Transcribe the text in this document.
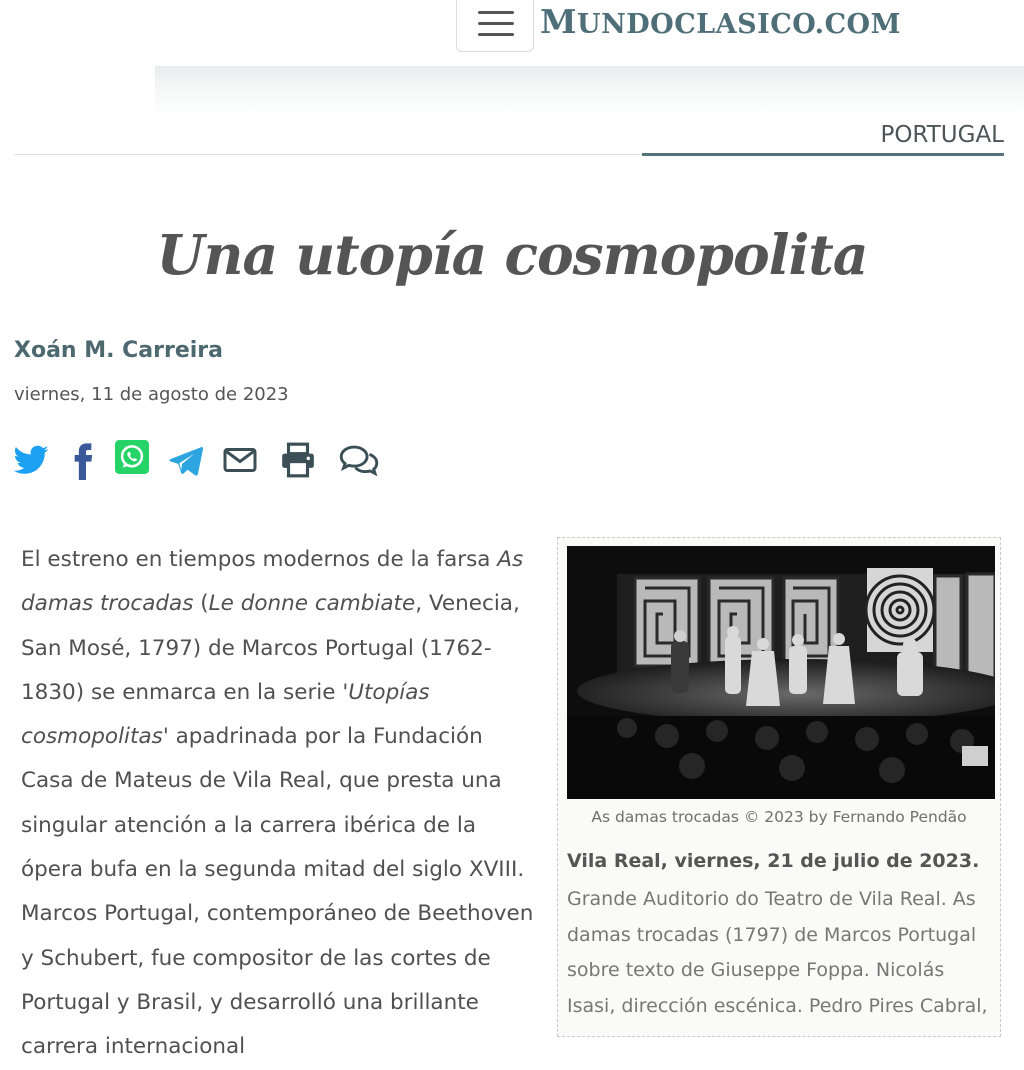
MUNDOCLASICO.COM
PORTUGAL
Una utopía cosmopolita
Xoán M. Carreira
viernes, 11 de agosto de 2023

El estreno en tiempos modernos de la farsa As damas trocadas (Le donne cambiate, Venecia, San Mosé, 1797) de Marcos Portugal (1762-1830) se enmarca en la serie 'Utopías cosmopolitas' apadrinada por la Fundación Casa de Mateus de Vila Real, que presta una singular atención a la carrera ibérica de la ópera bufa en la segunda mitad del siglo XVIII. Marcos Portugal, contemporáneo de Beethoven y Schubert, fue compositor de las cortes de Portugal y Brasil, y desarrolló una brillante carrera internacional

As damas trocadas © 2023 by Fernando Pendão
Vila Real, viernes, 21 de julio de 2023.
Grande Auditorio do Teatro de Vila Real. As damas trocadas (1797) de Marcos Portugal sobre texto de Giuseppe Foppa. Nicolás Isasi, dirección escénica. Pedro Pires Cabral,
